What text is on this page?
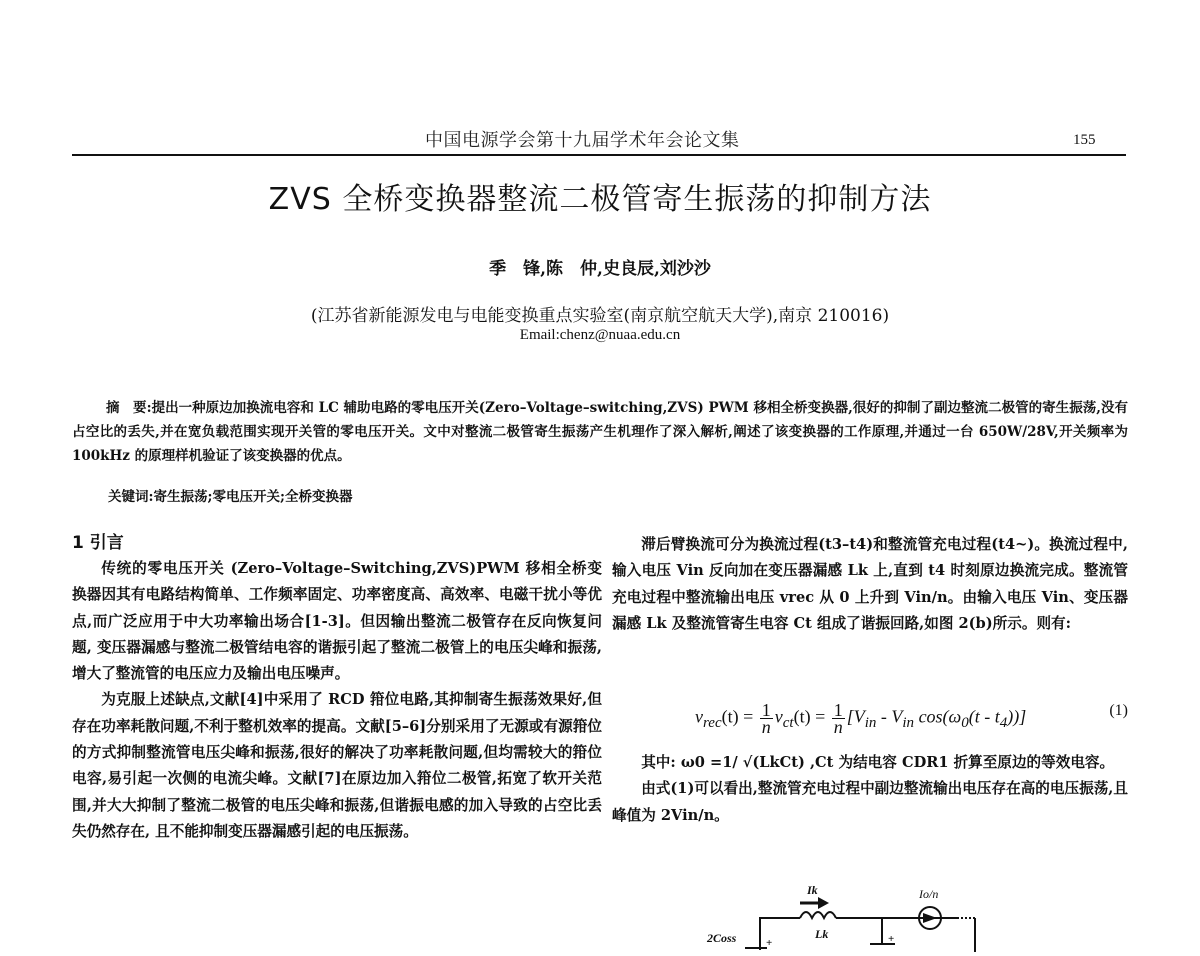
中国电源学会第十九届学术年会论文集	155
ZVS 全桥变换器整流二极管寄生振荡的抑制方法
季　锋,陈　仲,史良辰,刘沙沙
(江苏省新能源发电与电能变换重点实验室(南京航空航天大学),南京 210016)
Email:chenz@nuaa.edu.cn
摘　要:提出一种原边加换流电容和 LC 辅助电路的零电压开关(Zero–Voltage–switching,ZVS) PWM 移相全桥变换器,很好的抑制了副边整流二极管的寄生振荡,没有占空比的丢失,并在宽负载范围实现开关管的零电压开关。文中对整流二极管寄生振荡产生机理作了深入解析,阐述了该变换器的工作原理,并通过一台 650W/28V,开关频率为 100kHz 的原理样机验证了该变换器的优点。
关键词:寄生振荡;零电压开关;全桥变换器
1 引言

传统的零电压开关 (Zero–Voltage–Switching,ZVS)PWM 移相全桥变换器因其有电路结构简单、工作频率固定、功率密度高、高效率、电磁干扰小等优点,而广泛应用于中大功率输出场合[1-3]。但因输出整流二极管存在反向恢复问题, 变压器漏感与整流二极管结电容的谐振引起了整流二极管上的电压尖峰和振荡, 增大了整流管的电压应力及输出电压噪声。

为克服上述缺点,文献[4]中采用了 RCD 箝位电路,其抑制寄生振荡效果好,但存在功率耗散问题,不利于整机效率的提高。文献[5–6]分别采用了无源或有源箝位的方式抑制整流管电压尖峰和振荡,很好的解决了功率耗散问题,但均需较大的箝位电容,易引起一次侧的电流尖峰。文献[7]在原边加入箝位二极管,拓宽了软开关范围,并大大抑制了整流二极管的电压尖峰和振荡,但谐振电感的加入导致的占空比丢失仍然存在, 且不能抑制变压器漏感引起的电压振荡。

滞后臂换流可分为换流过程(t3–t4)和整流管充电过程(t4~)。换流过程中,输入电压 Vin 反向加在变压器漏感 Lk 上,直到 t4 时刻原边换流完成。整流管充电过程中整流输出电压 vrec 从 0 上升到 Vin/n。由输入电压 Vin、变压器漏感 Lk 及整流管寄生电容 Ct 组成了谐振回路,如图 2(b)所示。则有:

$v_{rec}(t) = \frac{1}{n} v_{ct}(t) = \frac{1}{n} [V_{in} - V_{in}$ $\cos(\omega_0(t - t_4))$]	(1)

其中: ω0 =1/ √(LkCt) ,Ct 为结电容 CDR1 折算至原边的等效电容。

由式(1)可以看出,整流管充电过程中副边整流输出电压存在高的电压振荡,且峰值为 2Vin/n。

Ik
Lk
Io/n
2Coss	+	+
